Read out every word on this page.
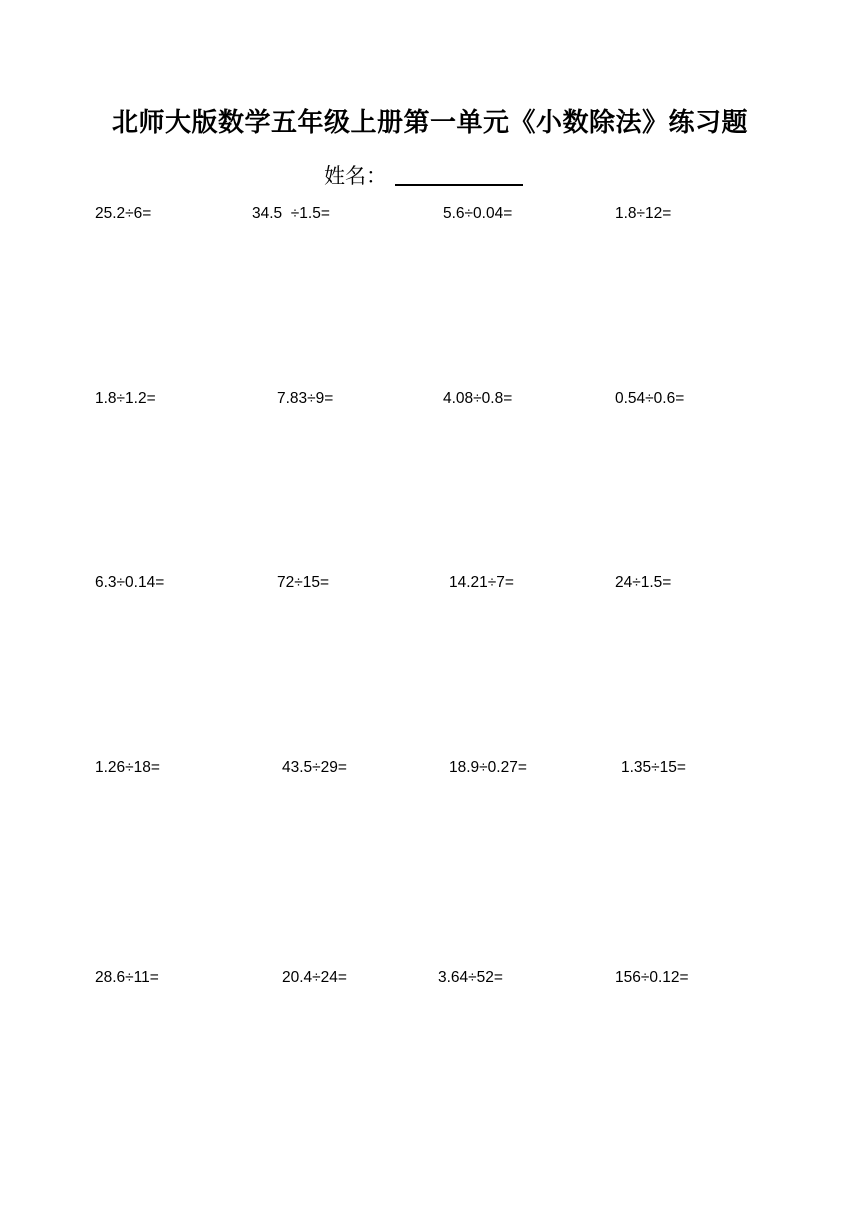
北师大版数学五年级上册第一单元《小数除法》练习题
姓名：
25.2÷6=	34.5  ÷1.5=	5.6÷0.04=	1.8÷12=
1.8÷1.2=	7.83÷9=	4.08÷0.8=	0.54÷0.6=
6.3÷0.14=	72÷15=	14.21÷7=	24÷1.5=
1.26÷18=	43.5÷29=	18.9÷0.27=	1.35÷15=
28.6÷11=	20.4÷24=	3.64÷52=	156÷0.12=
